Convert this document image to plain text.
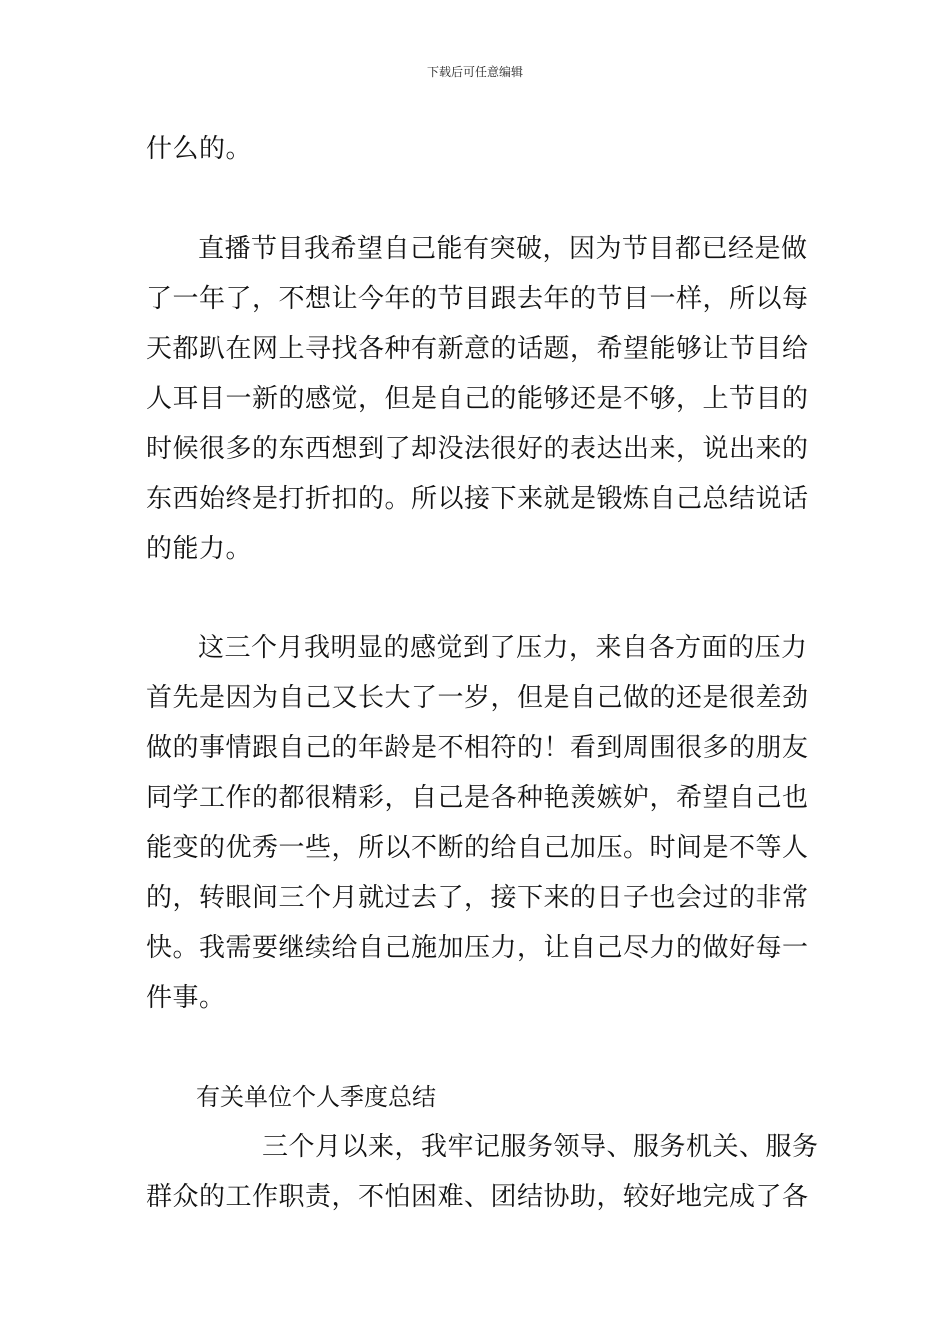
下载后可任意编辑
什么的。
直播节目我希望自己能有突破，因为节目都已经是做
了一年了，不想让今年的节目跟去年的节目一样，所以每
天都趴在网上寻找各种有新意的话题，希望能够让节目给
人耳目一新的感觉，但是自己的能够还是不够，上节目的
时候很多的东西想到了却没法很好的表达出来，说出来的
东西始终是打折扣的。所以接下来就是锻炼自己总结说话
的能力。
这三个月我明显的感觉到了压力，来自各方面的压力
首先是因为自己又长大了一岁，但是自己做的还是很差劲
做的事情跟自己的年龄是不相符的！看到周围很多的朋友
同学工作的都很精彩，自己是各种艳羡嫉妒，希望自己也
能变的优秀一些，所以不断的给自己加压。时间是不等人
的，转眼间三个月就过去了，接下来的日子也会过的非常
快。我需要继续给自己施加压力，让自己尽力的做好每一
件事。
有关单位个人季度总结
三个月以来，我牢记服务领导、服务机关、服务
群众的工作职责，不怕困难、团结协助，较好地完成了各
